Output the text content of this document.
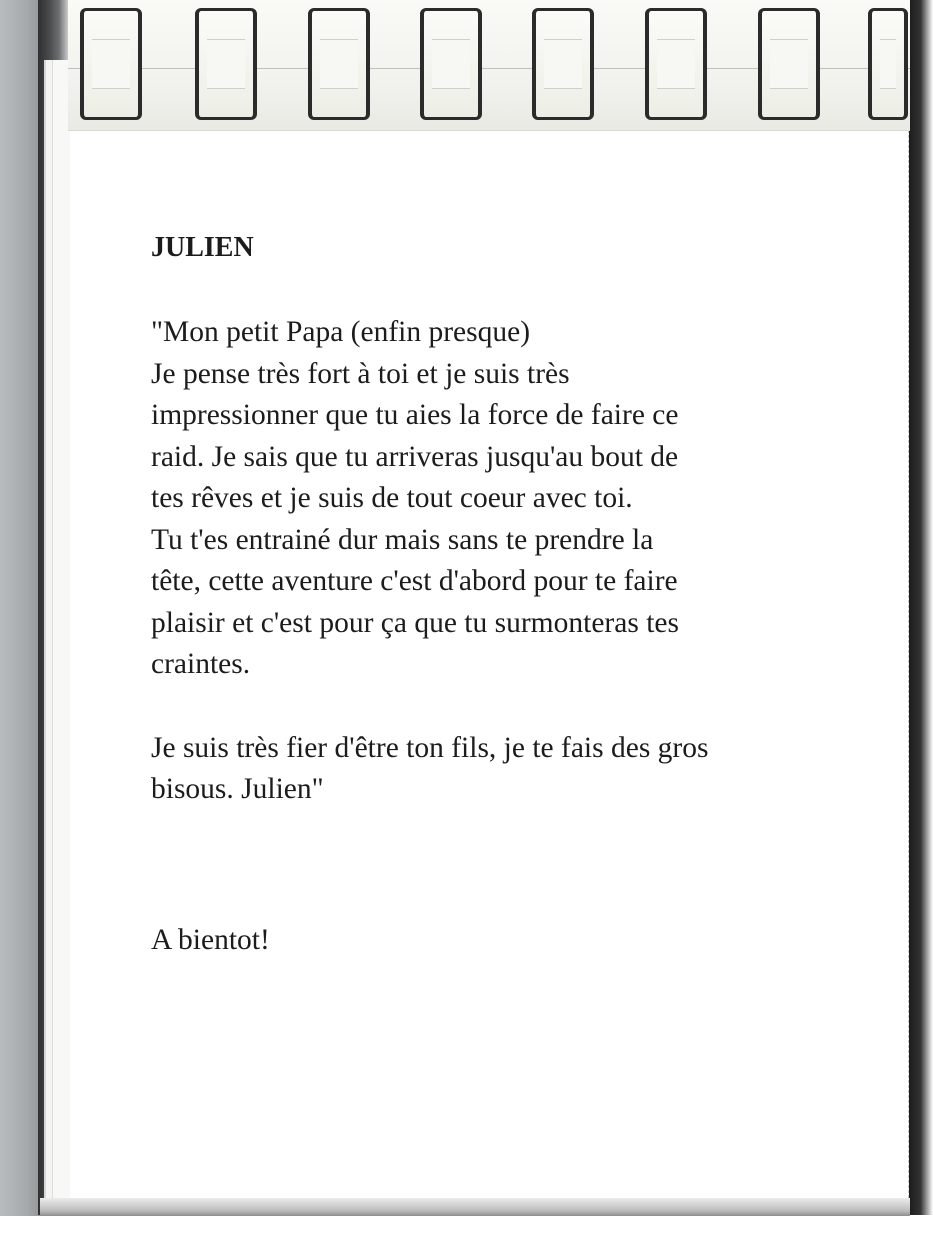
JULIEN
"Mon petit Papa (enfin presque)
Je pense très fort à toi et je suis très
impressionner que tu aies la force de faire ce
raid. Je sais que tu arriveras jusqu'au bout de
tes rêves et je suis de tout coeur avec toi.
Tu t'es entrainé dur mais sans te prendre la
tête, cette aventure c'est d'abord pour te faire
plaisir et c'est pour ça que tu surmonteras tes
craintes.
Je suis très fier d'être ton fils, je te fais des gros
bisous. Julien"
A bientot!
